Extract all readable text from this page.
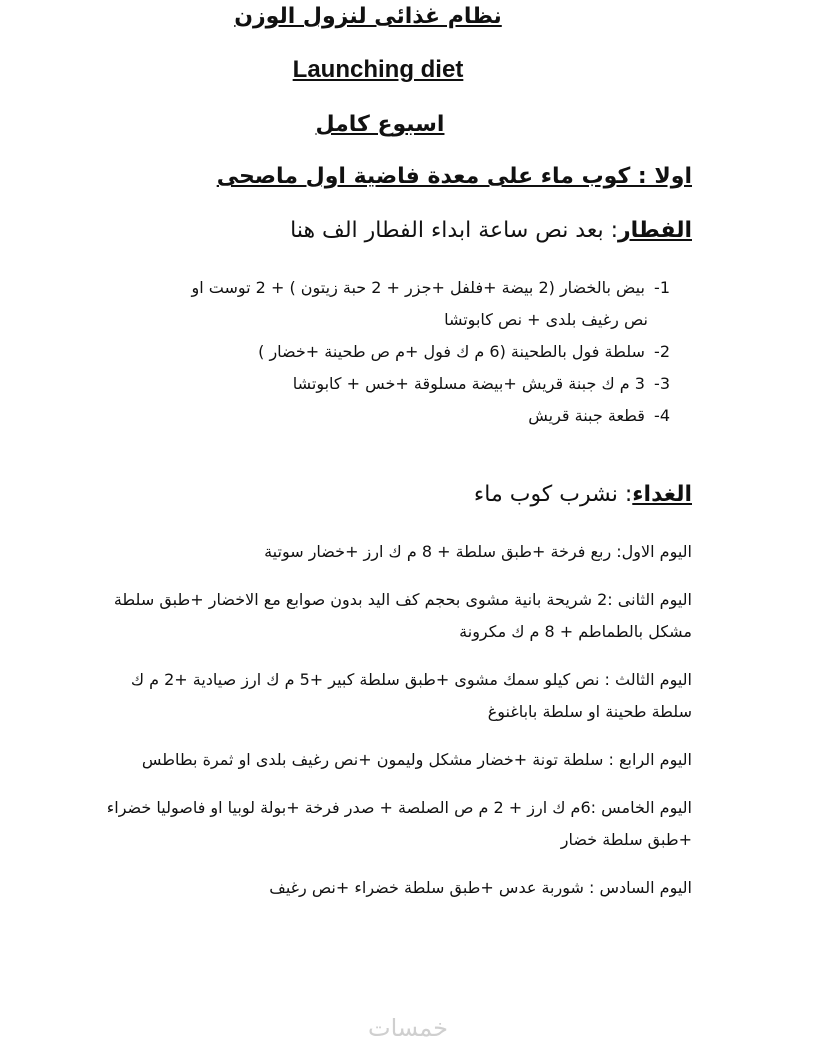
نظام غذائى لنزول الوزن
Launching diet
اسبوع كامل
اولا : كوب ماء على معدة فاضية اول ماصحى
الفطار: بعد نص ساعة ابداء الفطار الف هنا
1- بيض بالخضار (2 بيضة +فلفل +جزر + 2 حبة زيتون ) + 2 توست او
نص رغيف بلدى + نص كابوتشا
2- سلطة فول بالطحينة (6 م ك فول +م ص طحينة +خضار )
3- 3 م ك جبنة قريش +بيضة مسلوقة +خس + كابوتشا
4- قطعة جبنة قريش
الغداء: نشرب كوب ماء
اليوم الاول: ربع فرخة +طبق سلطة + 8 م ك ارز +خضار سوتية
اليوم الثانى :2 شريحة بانية مشوى بحجم كف اليد بدون صوابع مع الاخضار +طبق سلطة مشكل بالطماطم + 8 م ك مكرونة
اليوم الثالث : نص كيلو سمك مشوى +طبق سلطة كبير +5 م ك ارز صيادية +2 م ك سلطة طحينة او سلطة باباغنوغ
اليوم الرابع : سلطة تونة +خضار مشكل وليمون +نص رغيف بلدى او ثمرة بطاطس
اليوم الخامس :6م ك ارز + 2 م ص الصلصة + صدر فرخة +بولة لوبيا او فاصوليا خضراء +طبق سلطة خضار
اليوم السادس : شوربة عدس +طبق سلطة خضراء +نص رغيف
خمسات
